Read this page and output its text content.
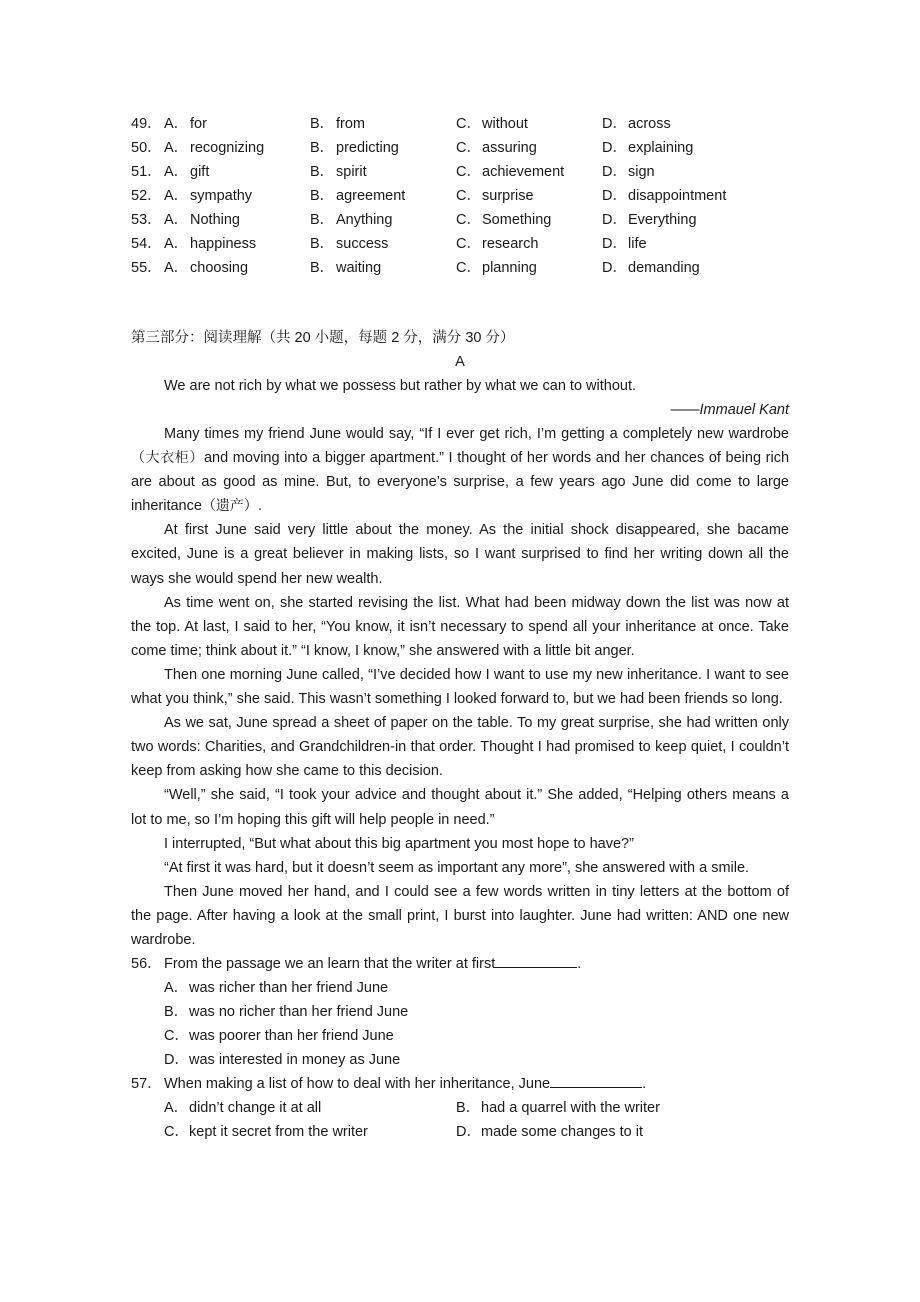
49．	A． for	B． from	C．without	D．across
50．	A． recognizing	B． predicting	C．assuring	D．explaining
51．	A． gift	B． spirit	C．achievement	D．sign
52．	A． sympathy	B． agreement	C．surprise	D．disappointment
53．	A． Nothing	B． Anything	C．Something	D．Everything
54．	A． happiness	B． success	C．research	D．life
55．	A． choosing	B． waiting	C．planning	D．demanding
第三部分：阅读理解（共 20 小题，每题 2 分，满分 30 分）
A

We are not rich by what we possess but rather by what we can to without.

——Immauel Kant

Many times my friend June would say, “If I ever get rich, I’m getting a completely new wardrobe （大衣柜）and moving into a bigger apartment.” I thought of her words and her chances of being rich are about as good as mine. But, to everyone’s surprise, a few years ago June did come to large inheritance（遗产）.

At first June said very little about the money. As the initial shock disappeared, she bacame excited, June is a great believer in making lists, so I want surprised to find her writing down all the ways she would spend her new wealth.

As time went on, she started revising the list. What had been midway down the list was now at the top. At last, I said to her, “You know, it isn’t necessary to spend all your inheritance at once. Take come time; think about it.” “I know, I know,” she answered with a little bit anger.

Then one morning June called, “I’ve decided how I want to use my new inheritance. I want to see what you think,” she said. This wasn’t something I looked forward to, but we had been friends so long.

As we sat, June spread a sheet of paper on the table. To my great surprise, she had written only two words: Charities, and Grandchildren-in that order. Thought I had promised to keep quiet, I couldn’t keep from asking how she came to this decision.

“Well,” she said, “I took your advice and thought about it.” She added, “Helping others means a lot to me, so I’m hoping this gift will help people in need.”

I interrupted, “But what about this big apartment you most hope to have?”

“At first it was hard, but it doesn’t seem as important any more”, she answered with a smile.

Then June moved her hand, and I could see a few words written in tiny letters at the bottom of the page. After having a look at the small print, I burst into laughter. June had written: AND one new wardrobe.

56． From the passage we an learn that the writer at first	.

A．was richer than her friend June

B．was no richer than her friend June

C．was poorer than her friend June

D．was interested in money as June

57． When making a list of how to deal with her inheritance, June	.

A．didn’t change it at all	B．had a quarrel with the writer
C．kept it secret from the writer	D．made some changes to it
